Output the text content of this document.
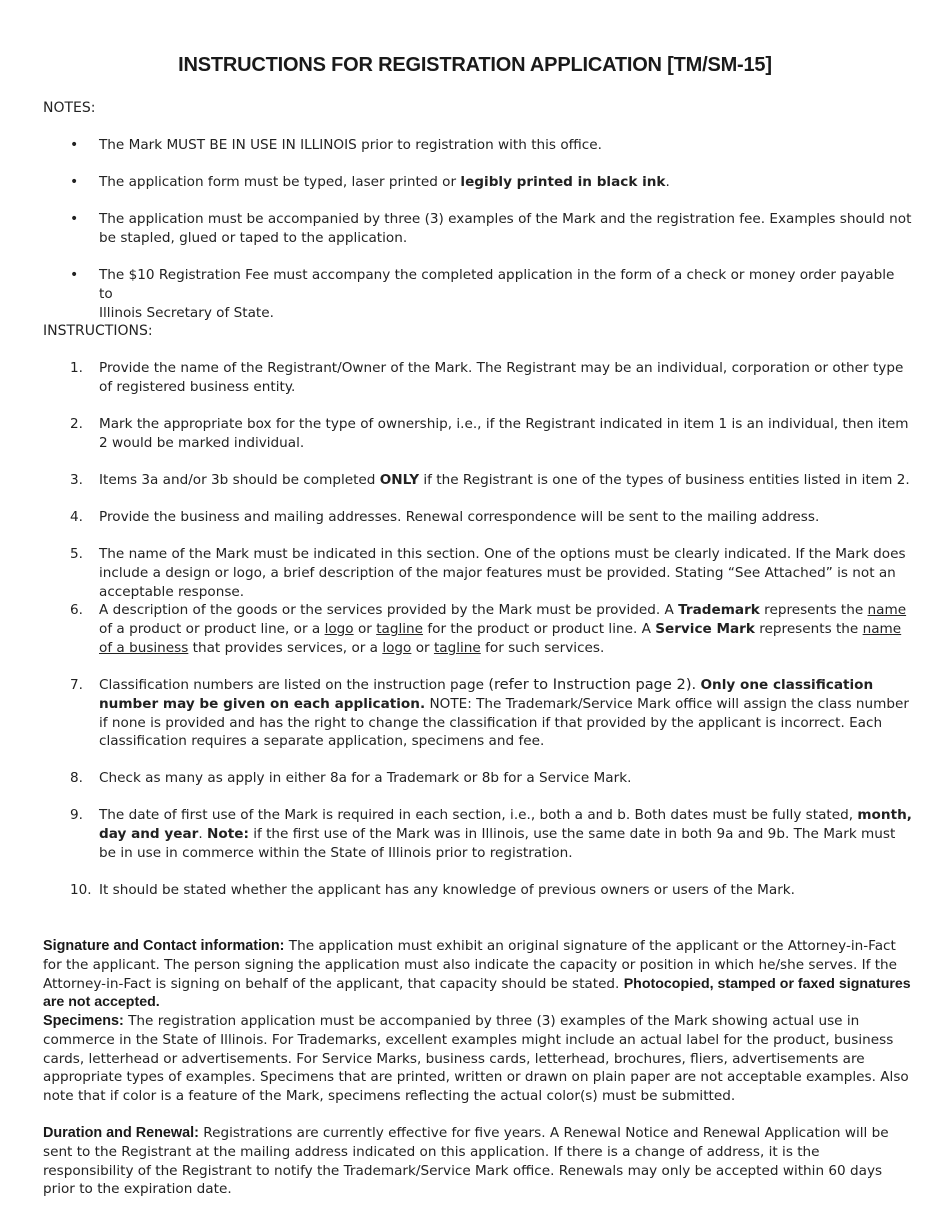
INSTRUCTIONS FOR REGISTRATION APPLICATION [TM/SM-15]
NOTES:
•	The Mark MUST BE IN USE IN ILLINOIS prior to registration with this office.
•	The application form must be typed, laser printed or legibly printed in black ink.
•	The application must be accompanied by three (3) examples of the Mark and the registration fee. Examples should not be stapled, glued or taped to the application.
•	The $10 Registration Fee must accompany the completed application in the form of a check or money order payable to
Illinois Secretary of State.
INSTRUCTIONS:
1.	Provide the name of the Registrant/Owner of the Mark. The Registrant may be an individual, corporation or other type of registered business entity.
2.	Mark the appropriate box for the type of ownership, i.e., if the Registrant indicated in item 1 is an individual, then item 2 would be marked individual.
3.	Items 3a and/or 3b should be completed ONLY if the Registrant is one of the types of business entities listed in item 2.
4.	Provide the business and mailing addresses. Renewal correspondence will be sent to the mailing address.
5.	The name of the Mark must be indicated in this section. One of the options must be clearly indicated. If the Mark does include a design or logo, a brief description of the major features must be provided. Stating “See Attached” is not an acceptable response.
6.	A description of the goods or the services provided by the Mark must be provided. A Trademark represents the name of a product or product line, or a logo or tagline for the product or product line. A Service Mark represents the name of a business that provides services, or a logo or tagline for such services.
7.	Classification numbers are listed on the instruction page (refer to Instruction page 2). Only one classification number may be given on each application. NOTE: The Trademark/Service Mark office will assign the class number if none is provided and has the right to change the classification if that provided by the applicant is incorrect. Each classification requires a separate application, specimens and fee.
8.	Check as many as apply in either 8a for a Trademark or 8b for a Service Mark.
9.	The date of first use of the Mark is required in each section, i.e., both a and b. Both dates must be fully stated, month, day and year. Note: if the first use of the Mark was in Illinois, use the same date in both 9a and 9b. The Mark must be in use in commerce within the State of Illinois prior to registration.
10. It should be stated whether the applicant has any knowledge of previous owners or users of the Mark.
Signature and Contact information: The application must exhibit an original signature of the applicant or the Attorney-in-Fact for the applicant. The person signing the application must also indicate the capacity or position in which he/she serves. If the Attorney-in-Fact is signing on behalf of the applicant, that capacity should be stated. Photocopied, stamped or faxed signatures are not accepted.
Specimens: The registration application must be accompanied by three (3) examples of the Mark showing actual use in commerce in the State of Illinois. For Trademarks, excellent examples might include an actual label for the product, business cards, letterhead or advertisements. For Service Marks, business cards, letterhead, brochures, fliers, advertisements are appropriate types of examples. Specimens that are printed, written or drawn on plain paper are not acceptable examples. Also note that if color is a feature of the Mark, specimens reflecting the actual color(s) must be submitted.
Duration and Renewal: Registrations are currently effective for five years. A Renewal Notice and Renewal Application will be sent to the Registrant at the mailing address indicated on this application. If there is a change of address, it is the responsibility of the Registrant to notify the Trademark/Service Mark office. Renewals may only be accepted within 60 days prior to the expiration date.
